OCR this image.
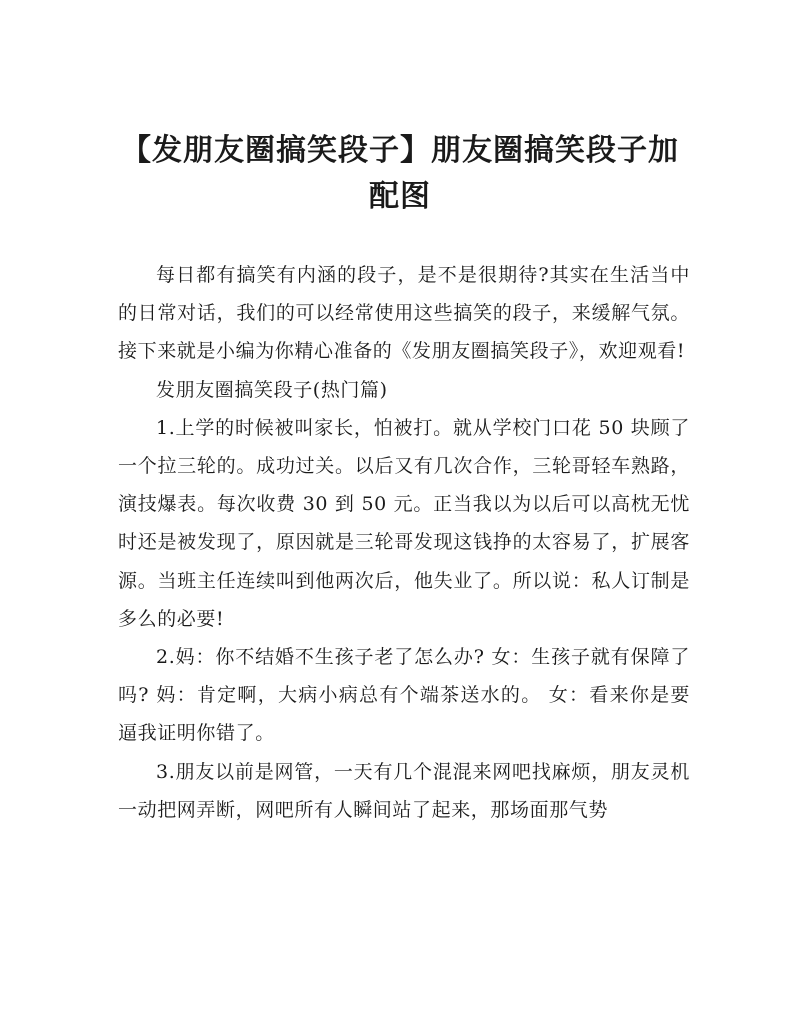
【发朋友圈搞笑段子】朋友圈搞笑段子加配图

每日都有搞笑有内涵的段子，是不是很期待?其实在生活当中的日常对话，我们的可以经常使用这些搞笑的段子，来缓解气氛。接下来就是小编为你精心准备的《发朋友圈搞笑段子》，欢迎观看!

发朋友圈搞笑段子(热门篇)

1.上学的时候被叫家长，怕被打。就从学校门口花 50 块顾了一个拉三轮的。成功过关。以后又有几次合作，三轮哥轻车熟路，演技爆表。每次收费 30 到 50 元。正当我以为以后可以高枕无忧时还是被发现了，原因就是三轮哥发现这钱挣的太容易了，扩展客源。当班主任连续叫到他两次后，他失业了。所以说：私人订制是多么的必要!

2.妈：你不结婚不生孩子老了怎么办? 女：生孩子就有保障了吗? 妈：肯定啊，大病小病总有个端茶送水的。 女：看来你是要逼我证明你错了。

3.朋友以前是网管，一天有几个混混来网吧找麻烦，朋友灵机一动把网弄断，网吧所有人瞬间站了起来，那场面那气势
